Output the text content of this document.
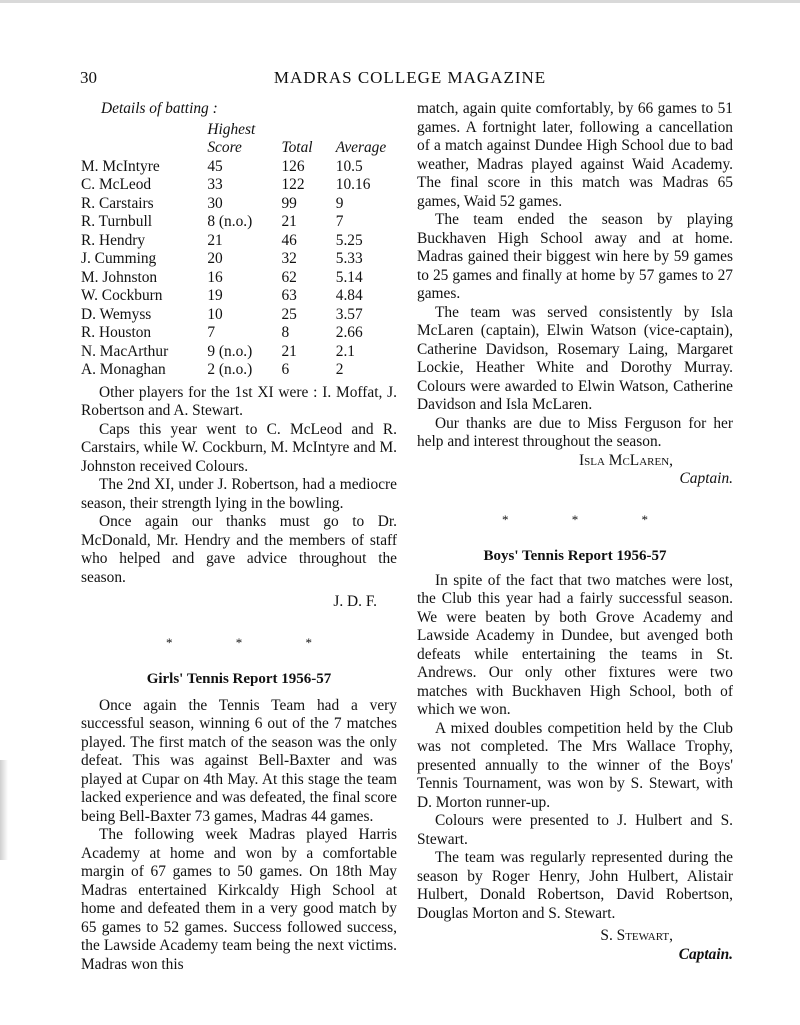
30	MADRAS COLLEGE MAGAZINE
Details of batting :
	Highest		
	Score	Total	Average
M. McIntyre	45	126	10.5
C. McLeod	33	122	10.16
R. Carstairs	30	99	9
R. Turnbull	8 (n.o.)	21	7
R. Hendry	21	46	5.25
J. Cumming	20	32	5.33
M. Johnston	16	62	5.14
W. Cockburn	19	63	4.84
D. Wemyss	10	25	3.57
R. Houston	7	8	2.66
N. MacArthur	9 (n.o.)	21	2.1
A. Monaghan	2 (n.o.)	6	2

Other players for the 1st XI were : I. Moffat, J. Robertson and A. Stewart.

Caps this year went to C. McLeod and R. Carstairs, while W. Cockburn, M. McIntyre and M. Johnston received Colours.

The 2nd XI, under J. Robertson, had a mediocre season, their strength lying in the bowling.

Once again our thanks must go to Dr. McDonald, Mr. Hendry and the members of staff who helped and gave advice throughout the season.

J. D. F.

* * *
Girls' Tennis Report 1956-57

Once again the Tennis Team had a very successful season, winning 6 out of the 7 matches played. The first match of the season was the only defeat. This was against Bell-Baxter and was played at Cupar on 4th May. At this stage the team lacked experience and was defeated, the final score being Bell-Baxter 73 games, Madras 44 games.

The following week Madras played Harris Academy at home and won by a comfortable margin of 67 games to 50 games. On 18th May Madras entertained Kirkcaldy High School at home and defeated them in a very good match by 65 games to 52 games. Success followed success, the Lawside Academy team being the next victims. Madras won this

match, again quite comfortably, by 66 games to 51 games. A fortnight later, following a cancellation of a match against Dundee High School due to bad weather, Madras played against Waid Academy. The final score in this match was Madras 65 games, Waid 52 games.

The team ended the season by playing Buckhaven High School away and at home. Madras gained their biggest win here by 59 games to 25 games and finally at home by 57 games to 27 games.

The team was served consistently by Isla McLaren (captain), Elwin Watson (vice-captain), Catherine Davidson, Rosemary Laing, Margaret Lockie, Heather White and Dorothy Murray. Colours were awarded to Elwin Watson, Catherine Davidson and Isla McLaren.

Our thanks are due to Miss Ferguson for her help and interest throughout the season.

Isla McLaren,

Captain.

* * *
Boys' Tennis Report 1956-57

In spite of the fact that two matches were lost, the Club this year had a fairly successful season. We were beaten by both Grove Academy and Lawside Academy in Dundee, but avenged both defeats while entertaining the teams in St. Andrews. Our only other fixtures were two matches with Buckhaven High School, both of which we won.

A mixed doubles competition held by the Club was not completed. The Mrs Wallace Trophy, presented annually to the winner of the Boys' Tennis Tournament, was won by S. Stewart, with D. Morton runner-up.

Colours were presented to J. Hulbert and S. Stewart.

The team was regularly represented during the season by Roger Henry, John Hulbert, Alistair Hulbert, Donald Robertson, David Robertson, Douglas Morton and S. Stewart.

S. Stewart,

Captain.
